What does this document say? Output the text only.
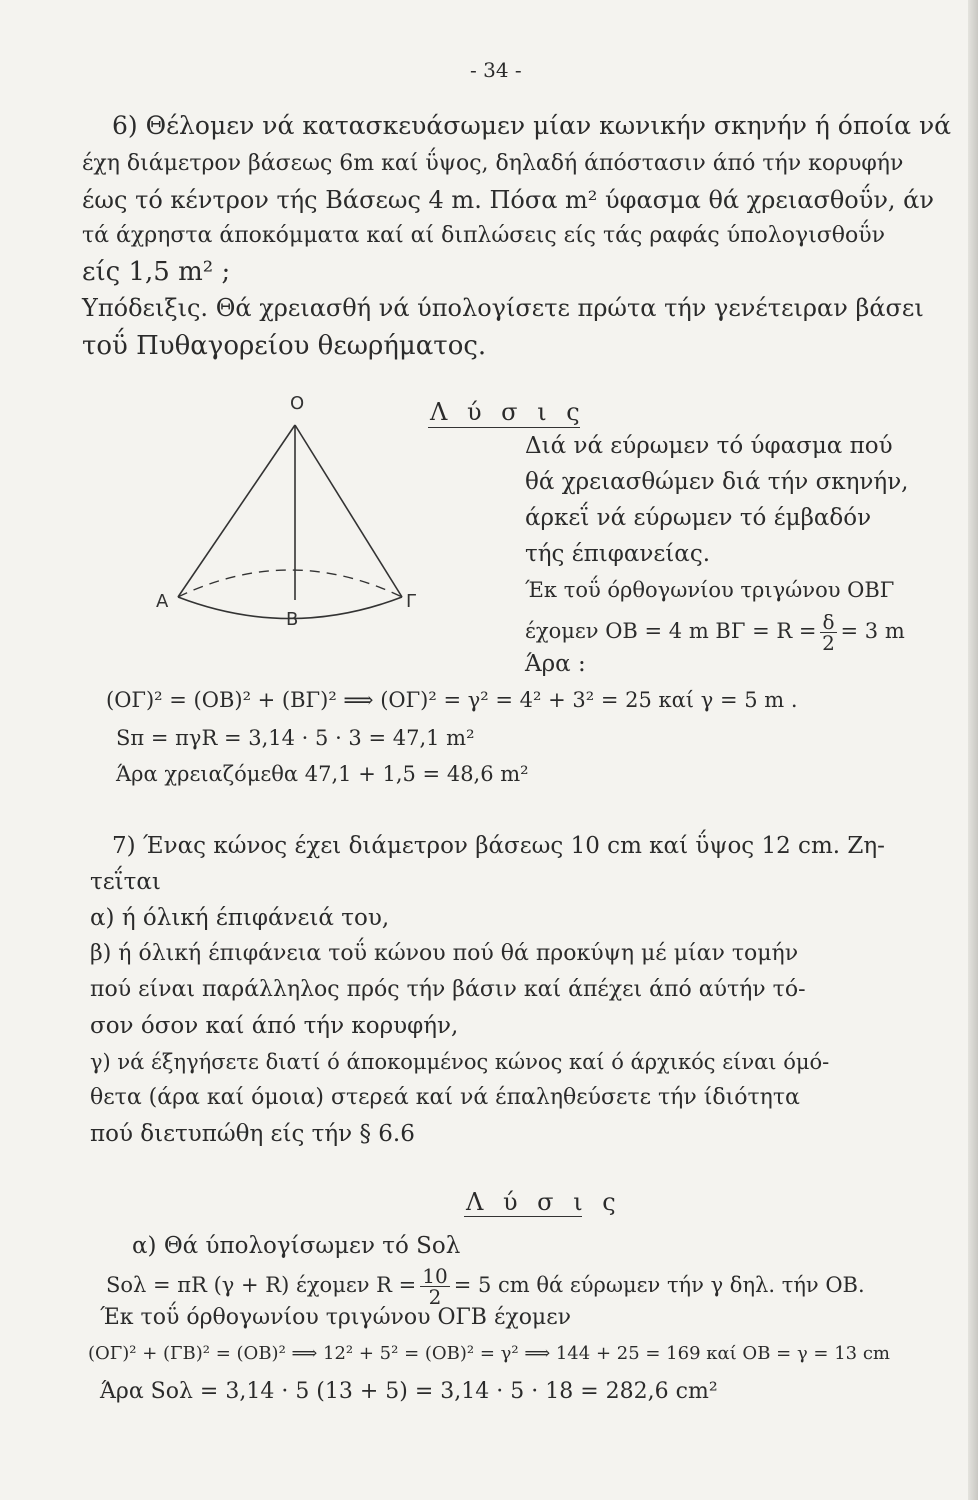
- 34 -
6) Θέλομεν νά κατασκευάσωμεν μίαν κωνικήν σκηνήν ή όποία νά
έχη διάμετρον βάσεως 6m καί ΰψος, δηλαδή άπόστασιν άπό τήν κορυφήν
έως τό κέντρον τής Βάσεως 4 m. Πόσα m² ύφασμα θά χρειασθοΰν, άν
τά άχρηστα άποκόμματα καί αί διπλώσεις είς τάς ραφάς ύπολογισθοΰν
είς 1,5 m² ;
Υπόδειξις. Θά χρειασθή νά ύπολογίσετε πρώτα τήν γενέτειραν βάσει
τοΰ Πυθαγορείου θεωρήματος.
O
A
B
Γ
Λ ύ σ ι ς
Διά νά εύρωμεν τό ύφασμα πού
θά χρειασθώμεν διά τήν σκηνήν,
άρκεΐ νά εύρωμεν τό έμβαδόν
τής έπιφανείας.
Έκ τοΰ όρθογωνίου τριγώνου ΟΒΓ
έχομεν ΟΒ = 4 m $B\Gamma = R = \frac{\delta}{2} = 3$ m
Άρα :
(ΟΓ)² = (ΟΒ)² + (ΒΓ)² ⟹ (ΟΓ)² = γ² = 4² + 3² = 25 καί γ = 5 m .
Sπ = πγR = 3,14 · 5 · 3 = 47,1 m²
Άρα χρειαζόμεθα 47,1 + 1,5 = 48,6 m²
7) Ένας κώνος έχει διάμετρον βάσεως 10 cm καί ΰψος 12 cm. Ζη-
τεΐται
α) ή όλική έπιφάνειά του,
β) ή όλική έπιφάνεια τοΰ κώνου πού θά προκύψη μέ μίαν τομήν
πού είναι παράλληλος πρός τήν βάσιν καί άπέχει άπό αύτήν τό-
σον όσον καί άπό τήν κορυφήν,
γ) νά έξηγήσετε διατί ό άποκομμένος κώνος καί ό άρχικός είναι όμό-
θετα (άρα καί όμοια) στερεά καί νά έπαληθεύσετε τήν ίδιότητα
πού διετυπώθη είς τήν § 6.6
Λ ύ σ ι ς
α) Θά ύπολογίσωμεν τό Sολ
Sολ = πR (γ + R) έχομεν $R = \frac{10}{2} = 5$ cm θά εύρωμεν τήν γ δηλ. τήν ΟΒ.
Έκ τοΰ όρθογωνίου τριγώνου ΟΓΒ έχομεν
(ΟΓ)² + (ΓΒ)² = (ΟΒ)² ⟹ 12² + 5² = (ΟΒ)² = γ² ⟹ 144 + 25 = 169 καί ΟΒ = γ = 13 cm
Άρα Sολ = 3,14 · 5 (13 + 5) = 3,14 · 5 · 18 = 282,6 cm²
